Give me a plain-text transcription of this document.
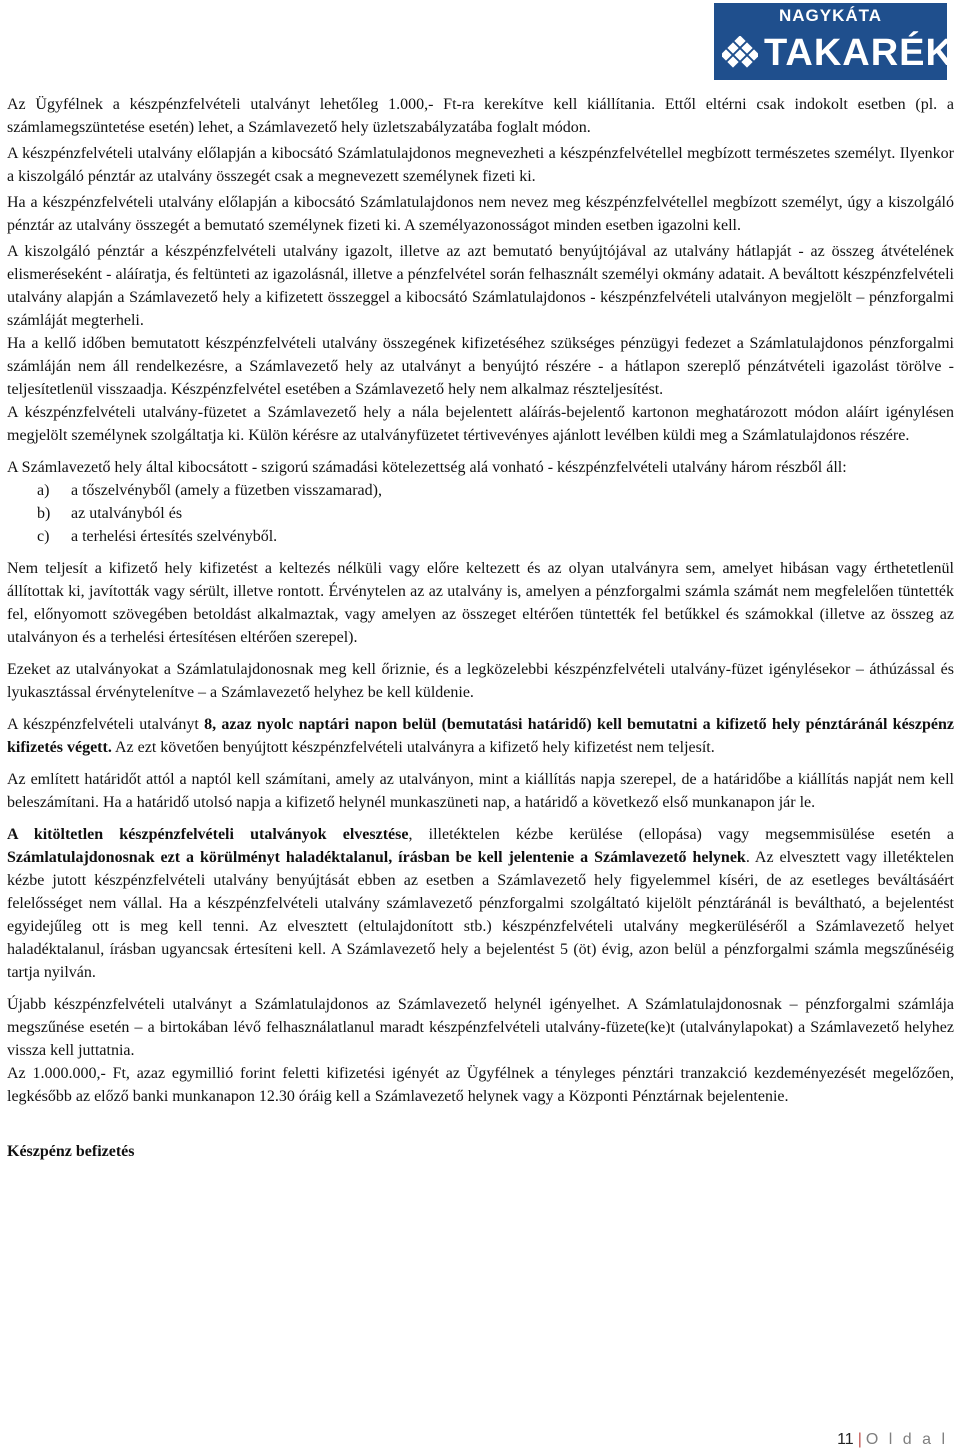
NAGYKÁTA
TAKARÉK

Az Ügyfélnek a készpénzfelvételi utalványt lehetőleg 1.000,- Ft-ra kerekítve kell kiállítania. Ettől eltérni csak indokolt esetben (pl. a számlamegszüntetése esetén) lehet, a Számlavezető hely üzletszabályzatába foglalt módon.

A készpénzfelvételi utalvány előlapján a kibocsátó Számlatulajdonos megnevezheti a készpénzfelvétellel megbízott természetes személyt. Ilyenkor a kiszolgáló pénztár az utalvány összegét csak a megnevezett személynek fizeti ki.

Ha a készpénzfelvételi utalvány előlapján a kibocsátó Számlatulajdonos nem nevez meg készpénzfelvétellel megbízott személyt, úgy a kiszolgáló pénztár az utalvány összegét a bemutató személynek fizeti ki. A személyazonosságot minden esetben igazolni kell.

A kiszolgáló pénztár a készpénzfelvételi utalvány igazolt, illetve az azt bemutató benyújtójával az utalvány hátlapját - az összeg átvételének elismeréseként - aláíratja, és feltünteti az igazolásnál, illetve a pénzfelvétel során felhasznált személyi okmány adatait. A beváltott készpénzfelvételi utalvány alapján a Számlavezető hely a kifizetett összeggel a kibocsátó Számlatulajdonos - készpénzfelvételi utalványon megjelölt – pénzforgalmi számláját megterheli.

Ha a kellő időben bemutatott készpénzfelvételi utalvány összegének kifizetéséhez szükséges pénzügyi fedezet a Számlatulajdonos pénzforgalmi számláján nem áll rendelkezésre, a Számlavezető hely az utalványt a benyújtó részére - a hátlapon szereplő pénzátvételi igazolást törölve - teljesítetlenül visszaadja. Készpénzfelvétel esetében a Számlavezető hely nem alkalmaz részteljesítést.

A készpénzfelvételi utalvány-füzetet a Számlavezető hely a nála bejelentett aláírás-bejelentő kartonon meghatározott módon aláírt igénylésen megjelölt személynek szolgáltatja ki. Külön kérésre az utalványfüzetet tértivevényes ajánlott levélben küldi meg a Számlatulajdonos részére.

A Számlavezető hely által kibocsátott - szigorú számadási kötelezettség alá vonható - készpénzfelvételi utalvány három részből áll:

a) a tőszelvényből (amely a füzetben visszamarad),
b) az utalványból és
c) a terhelési értesítés szelvényből.

Nem teljesít a kifizető hely kifizetést a keltezés nélküli vagy előre keltezett és az olyan utalványra sem, amelyet hibásan vagy érthetetlenül állítottak ki, javították vagy sérült, illetve rontott. Érvénytelen az az utalvány is, amelyen a pénzforgalmi számla számát nem megfelelően tüntették fel, előnyomott szövegében betoldást alkalmaztak, vagy amelyen az összeget eltérően tüntették fel betűkkel és számokkal (illetve az összeg az utalványon és a terhelési értesítésen eltérően szerepel).

Ezeket az utalványokat a Számlatulajdonosnak meg kell őriznie, és a legközelebbi készpénzfelvételi utalvány-füzet igénylésekor – áthúzással és lyukasztással érvénytelenítve – a Számlavezető helyhez be kell küldenie.

A készpénzfelvételi utalványt 8, azaz nyolc naptári napon belül (bemutatási határidő) kell bemutatni a kifizető hely pénztáránál készpénz kifizetés végett. Az ezt követően benyújtott készpénzfelvételi utalványra a kifizető hely kifizetést nem teljesít.

Az említett határidőt attól a naptól kell számítani, amely az utalványon, mint a kiállítás napja szerepel, de a határidőbe a kiállítás napját nem kell beleszámítani. Ha a határidő utolsó napja a kifizető helynél munkaszüneti nap, a határidő a következő első munkanapon jár le.

A kitöltetlen készpénzfelvételi utalványok elvesztése, illetéktelen kézbe kerülése (ellopása) vagy megsemmisülése esetén a Számlatulajdonosnak ezt a körülményt haladéktalanul, írásban be kell jelentenie a Számlavezető helynek. Az elvesztett vagy illetéktelen kézbe jutott készpénzfelvételi utalvány benyújtását ebben az esetben a Számlavezető hely figyelemmel kíséri, de az esetleges beváltásáért felelősséget nem vállal. Ha a készpénzfelvételi utalvány számlavezető pénzforgalmi szolgáltató kijelölt pénztáránál is beváltható, a bejelentést egyidejűleg ott is meg kell tenni. Az elvesztett (eltulajdonított stb.) készpénzfelvételi utalvány megkerüléséről a Számlavezető helyet haladéktalanul, írásban ugyancsak értesíteni kell. A Számlavezető hely a bejelentést 5 (öt) évig, azon belül a pénzforgalmi számla megszűnéséig tartja nyilván.

Újabb készpénzfelvételi utalványt a Számlatulajdonos az Számlavezető helynél igényelhet. A Számlatulajdonosnak – pénzforgalmi számlája megszűnése esetén – a birtokában lévő felhasználatlanul maradt készpénzfelvételi utalvány-füzete(ke)t (utalványlapokat) a Számlavezető helyhez vissza kell juttatnia.

Az 1.000.000,- Ft, azaz egymillió forint feletti kifizetési igényét az Ügyfélnek a tényleges pénztári tranzakció kezdeményezését megelőzően, legkésőbb az előző banki munkanapon 12.30 óráig kell a Számlavezető helynek vagy a Központi Pénztárnak bejelentenie.

Készpénz befizetés

11 | O l d a l
